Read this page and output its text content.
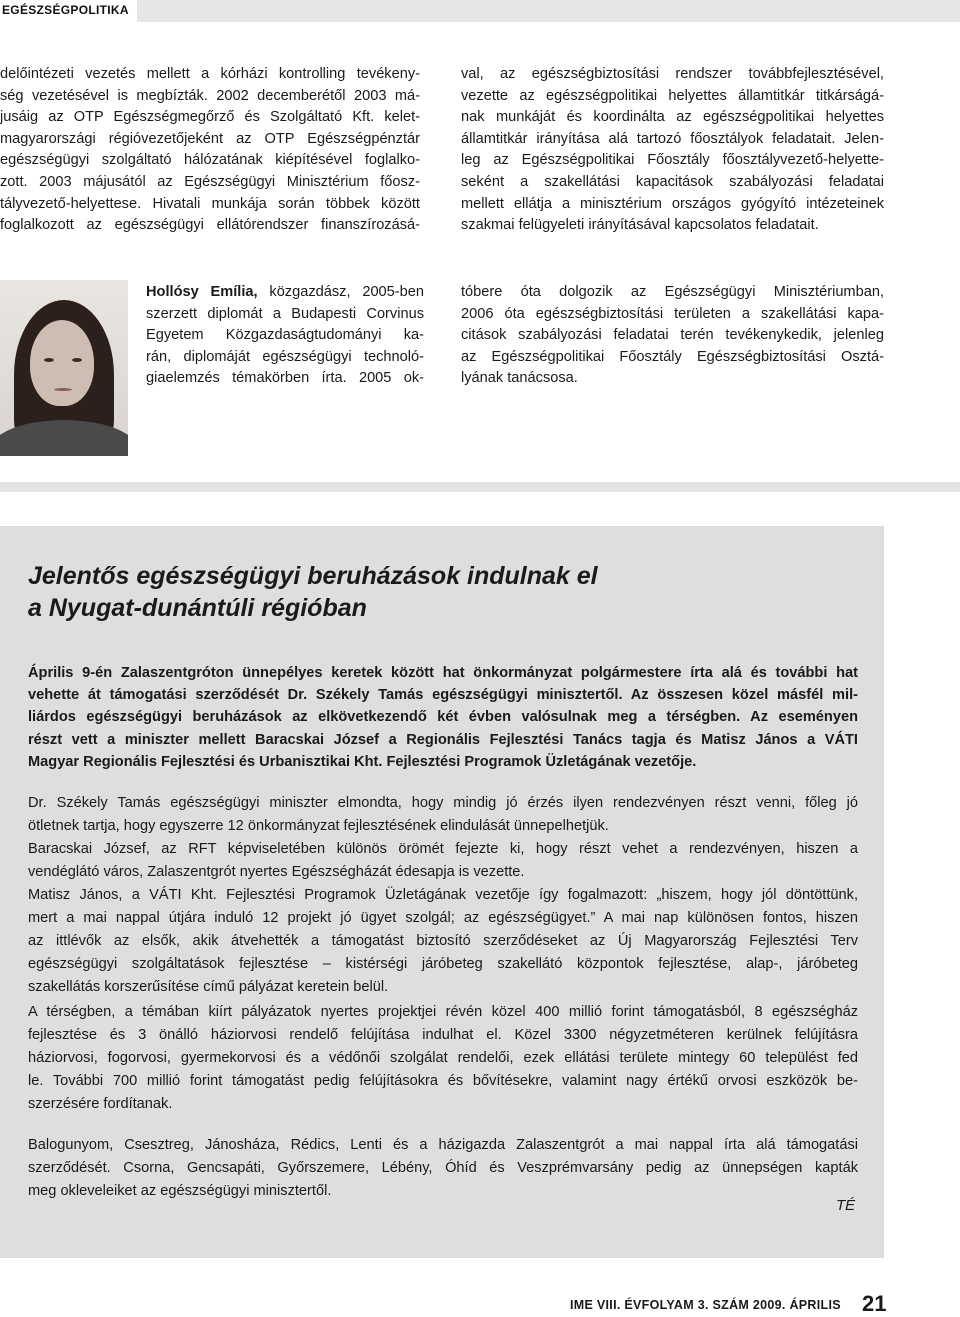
EGÉSZSÉGPOLITIKA
delőintézeti vezetés mellett a kórházi kontrolling tevékeny-
ség vezetésével is megbízták. 2002 decemberétől 2003 má-
jusáig az OTP Egészségmegőrző és Szolgáltató Kft. kelet-
magyarországi régióvezetőjeként az OTP Egészségpénztár
egészségügyi szolgáltató hálózatának kiépítésével foglalko-
zott. 2003 májusától az Egészségügyi Minisztérium főosz-
tályvezető-helyettese. Hivatali munkája során többek között
foglalkozott az egészségügyi ellátórendszer finanszírozásá-
val, az egészségbiztosítási rendszer továbbfejlesztésével,
vezette az egészségpolitikai helyettes államtitkár titkárságá-
nak munkáját és koordinálta az egészségpolitikai helyettes
államtitkár irányítása alá tartozó főosztályok feladatait. Jelen-
leg az Egészségpolitikai Főosztály főosztályvezető-helyette-
seként a szakellátási kapacitások szabályozási feladatai
mellett ellátja a minisztérium országos gyógyító intézeteinek
szakmai felügyeleti irányításával kapcsolatos feladatait.
Hollósy Emília, közgazdász, 2005-ben
szerzett diplomát a Budapesti Corvinus
Egyetem Közgazdaságtudományi ka-
rán, diplomáját egészségügyi technoló-
giaelemzés témakörben írta. 2005 ok-
tóbere óta dolgozik az Egészségügyi Minisztériumban,
2006 óta egészségbiztosítási területen a szakellátási kapa-
citások szabályozási feladatai terén tevékenykedik, jelenleg
az Egészségpolitikai Főosztály Egészségbiztosítási Osztá-
lyának tanácsosa.
Jelentős egészségügyi beruházások indulnak el
a Nyugat-dunántúli régióban
Április 9-én Zalaszentgróton ünnepélyes keretek között hat önkormányzat polgármestere írta alá és további hat
vehette át támogatási szerződését Dr. Székely Tamás egészségügyi minisztertől. Az összesen közel másfél mil-
liárdos egészségügyi beruházások az elkövetkezendő két évben valósulnak meg a térségben. Az eseményen
részt vett a miniszter mellett Baracskai József a Regionális Fejlesztési Tanács tagja és Matisz János a VÁTI
Magyar Regionális Fejlesztési és Urbanisztikai Kht. Fejlesztési Programok Üzletágának vezetője.
Dr. Székely Tamás egészségügyi miniszter elmondta, hogy mindig jó érzés ilyen rendezvényen részt venni, főleg jó
ötletnek tartja, hogy egyszerre 12 önkormányzat fejlesztésének elindulását ünnepelhetjük.
Baracskai József, az RFT képviseletében különös örömét fejezte ki, hogy részt vehet a rendezvényen, hiszen a
vendéglátó város, Zalaszentgrót nyertes Egészségházát édesapja is vezette.
Matisz János, a VÁTI Kht. Fejlesztési Programok Üzletágának vezetője így fogalmazott: „hiszem, hogy jól döntöttünk,
mert a mai nappal útjára induló 12 projekt jó ügyet szolgál; az egészségügyet.” A mai nap különösen fontos, hiszen
az ittlévők az elsők, akik átvehették a támogatást biztosító szerződéseket az Új Magyarország Fejlesztési Terv
egészségügyi szolgáltatások fejlesztése – kistérségi járóbeteg szakellátó központok fejlesztése, alap-, járóbeteg
szakellátás korszerűsítése című pályázat keretein belül.
A térségben, a témában kiírt pályázatok nyertes projektjei révén közel 400 millió forint támogatásból, 8 egészségház
fejlesztése és 3 önálló háziorvosi rendelő felújítása indulhat el. Közel 3300 négyzetméteren kerülnek felújításra
háziorvosi, fogorvosi, gyermekorvosi és a védőnői szolgálat rendelői, ezek ellátási területe mintegy 60 települést fed
le. További 700 millió forint támogatást pedig felújításokra és bővítésekre, valamint nagy értékű orvosi eszközök be-
szerzésére fordítanak.
Balogunyom, Csesztreg, Jánosháza, Rédics, Lenti és a házigazda Zalaszentgrót a mai nappal írta alá támogatási
szerződését. Csorna, Gencsapáti, Győrszemere, Lébény, Óhíd és Veszprémvarsány pedig az ünnepségen kapták
meg okleveleiket az egészségügyi minisztertől.
TÉ
IME VIII. ÉVFOLYAM 3. SZÁM 2009. ÁPRILIS 21
